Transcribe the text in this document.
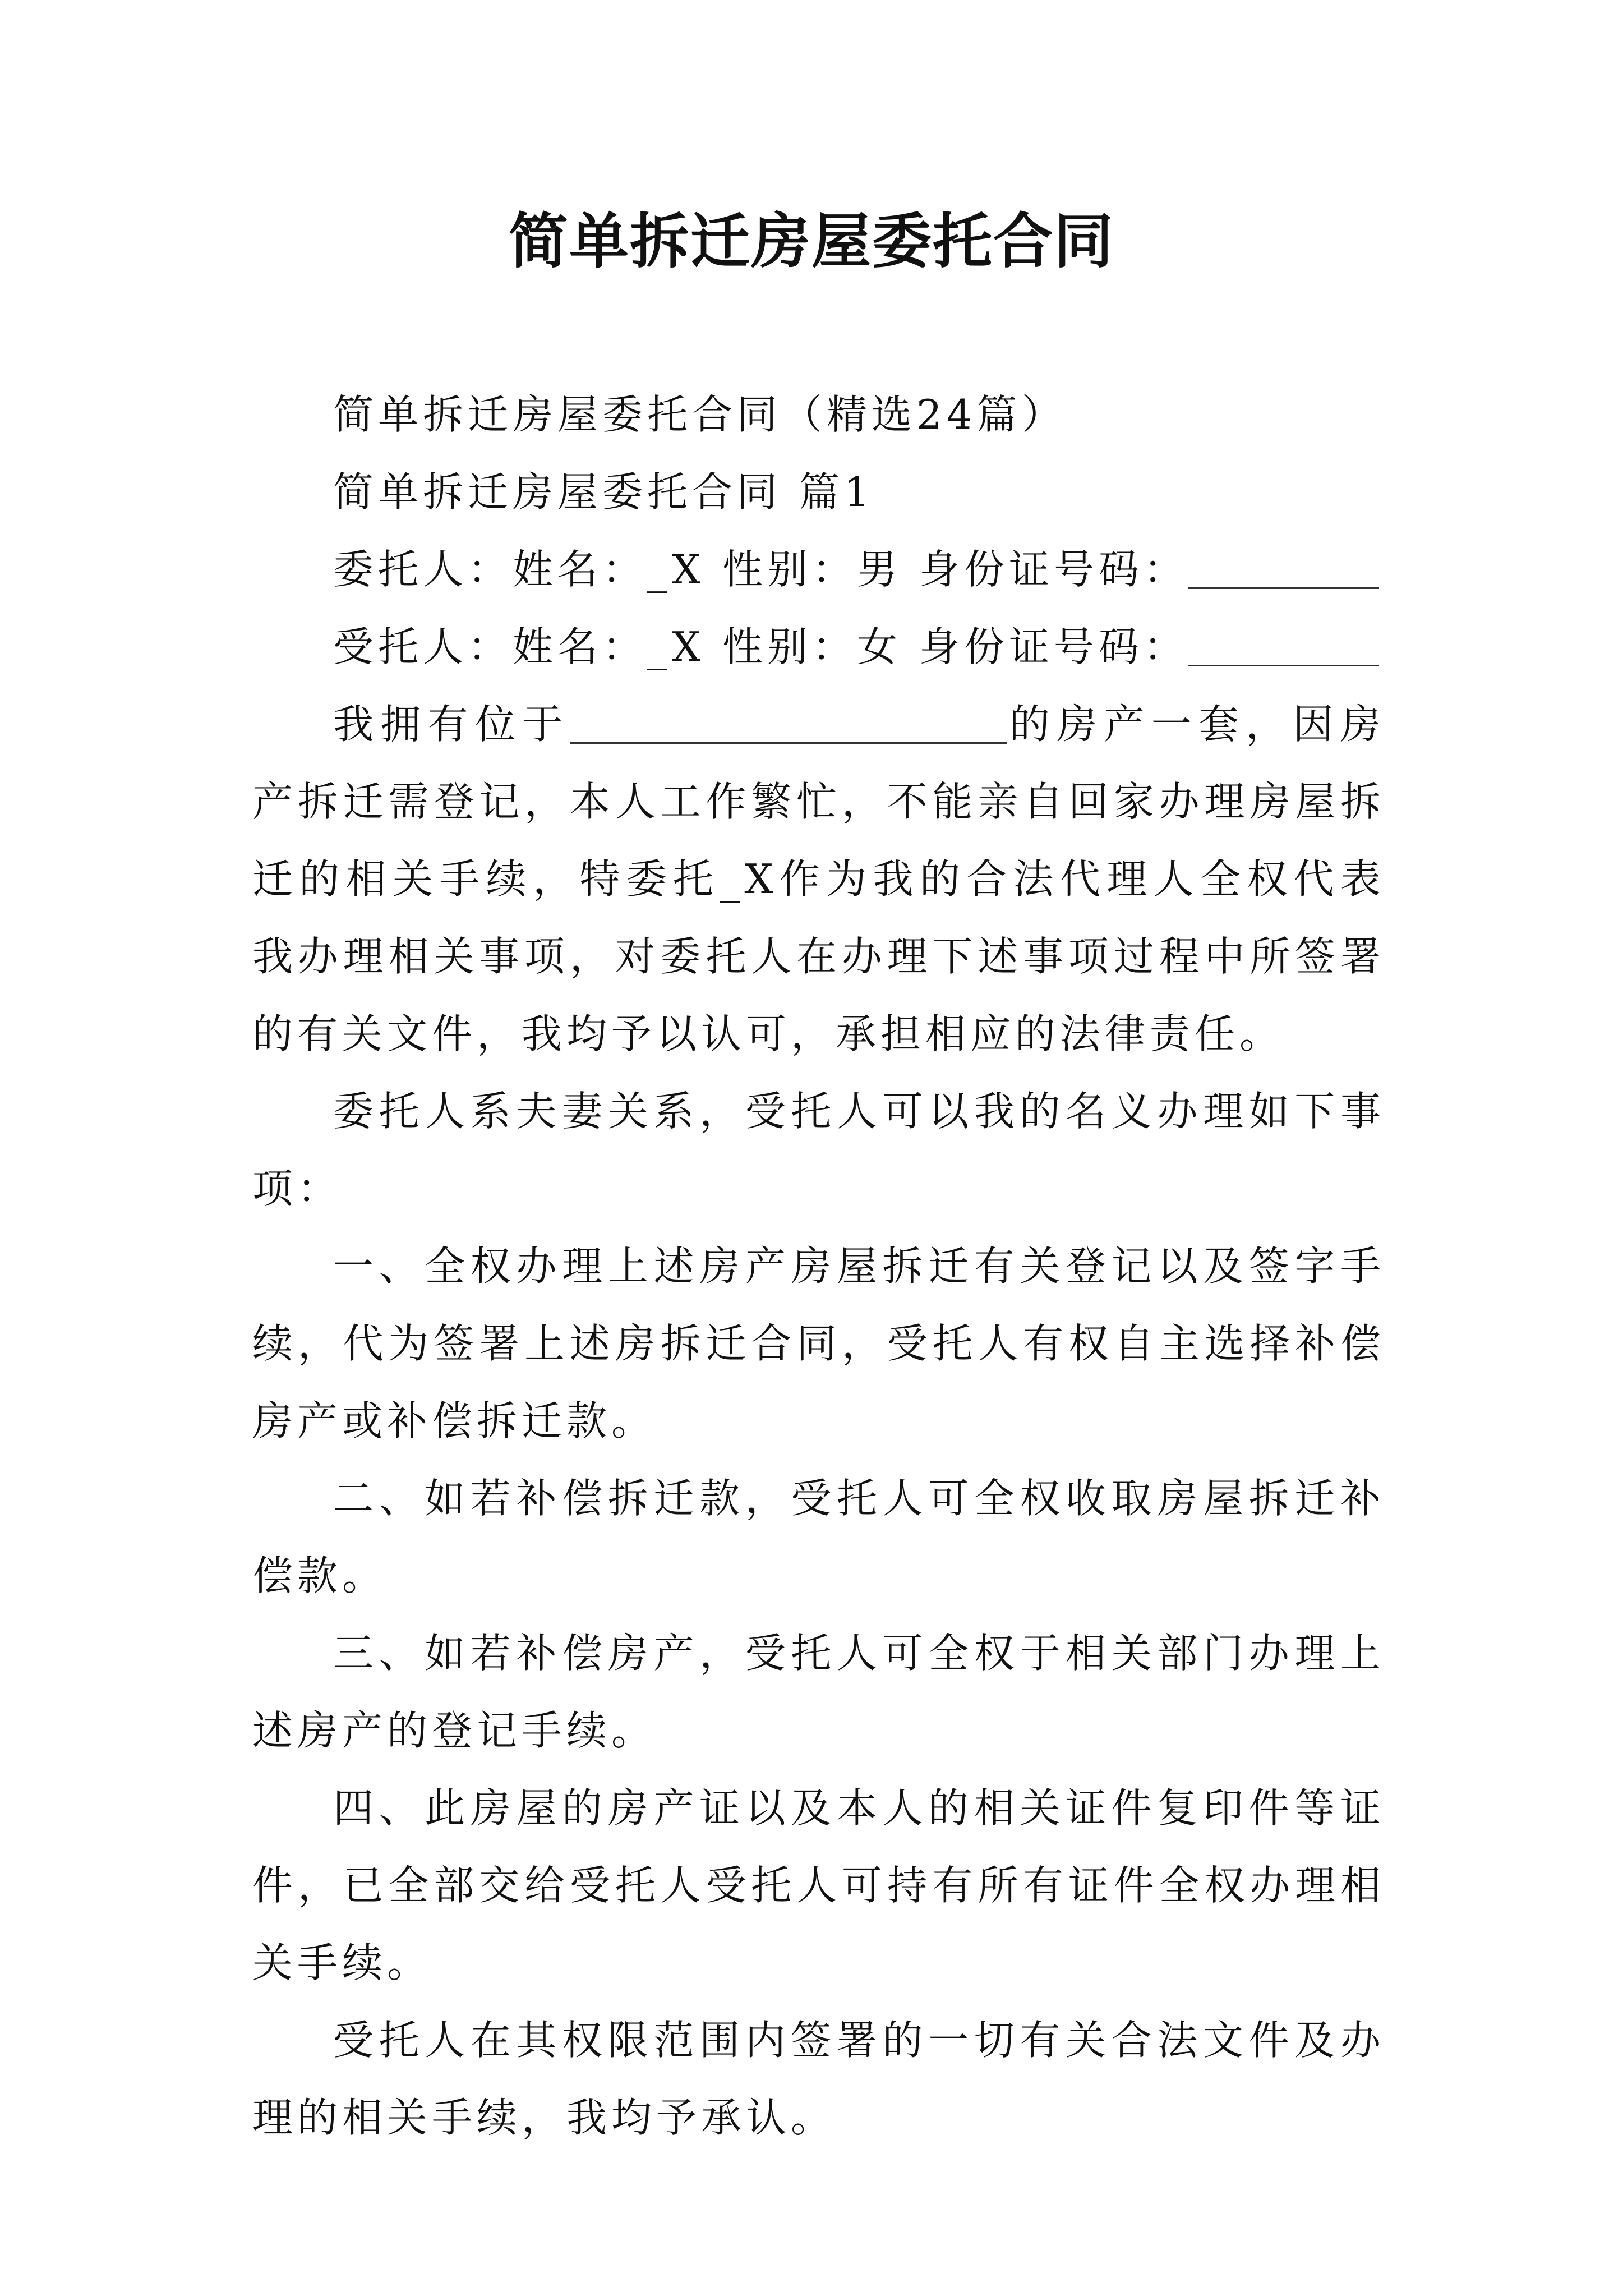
简单拆迁房屋委托合同

简单拆迁房屋委托合同（精选24篇）

简单拆迁房屋委托合同 篇1

委托人：姓名：_X 性别：男 身份证号码：

受托人：姓名：_X 性别：女 身份证号码：

我拥有位于	的房产一套，因房产拆迁需登记，本人工作繁忙，不能亲自回家办理房屋拆迁的相关手续，特委托_X作为我的合法代理人全权代表我办理相关事项，对委托人在办理下述事项过程中所签署的有关文件，我均予以认可，承担相应的法律责任。

委托人系夫妻关系，受托人可以我的名义办理如下事项：

一、全权办理上述房产房屋拆迁有关登记以及签字手续，代为签署上述房拆迁合同，受托人有权自主选择补偿房产或补偿拆迁款。

二、如若补偿拆迁款，受托人可全权收取房屋拆迁补偿款。

三、如若补偿房产，受托人可全权于相关部门办理上述房产的登记手续。

四、此房屋的房产证以及本人的相关证件复印件等证件，已全部交给受托人受托人可持有所有证件全权办理相关手续。

受托人在其权限范围内签署的一切有关合法文件及办理的相关手续，我均予承认。
